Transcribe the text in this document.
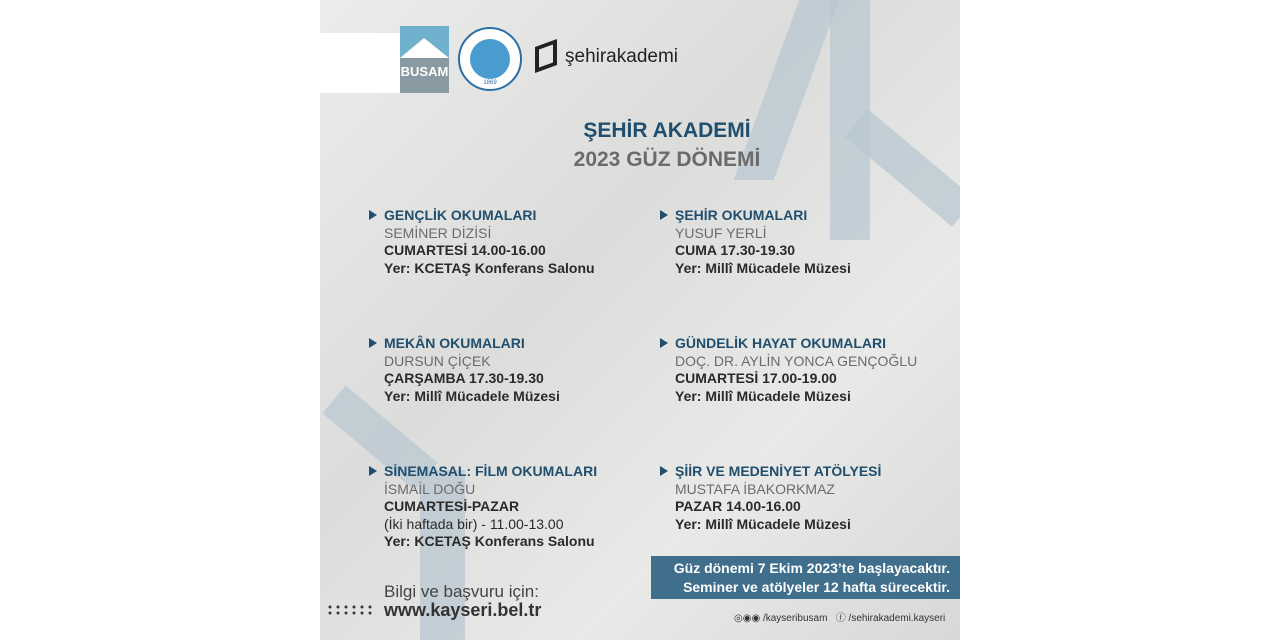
BUSAM
1869
şehirakademi
ŞEHİR AKADEMİ
2023 GÜZ DÖNEMİ
GENÇLİK OKUMALARI
SEMİNER DİZİSİ
CUMARTESİ 14.00-16.00
Yer: KCETAŞ Konferans Salonu
ŞEHİR OKUMALARI
YUSUF YERLİ
CUMA 17.30-19.30
Yer: Millî Mücadele Müzesi
MEKÂN OKUMALARI
DURSUN ÇİÇEK
ÇARŞAMBA 17.30-19.30
Yer: Millî Mücadele Müzesi
GÜNDELİK HAYAT OKUMALARI
DOÇ. DR. AYLİN YONCA GENÇOĞLU
CUMARTESİ 17.00-19.00
Yer: Millî Mücadele Müzesi
SİNEMASAL: FİLM OKUMALARI
İSMAİL DOĞU
CUMARTESİ-PAZAR
(İki haftada bir) - 11.00-13.00
Yer: KCETAŞ Konferans Salonu
ŞİİR VE MEDENİYET ATÖLYESİ
MUSTAFA İBAKORKMAZ
PAZAR 14.00-16.00
Yer: Millî Mücadele Müzesi
Güz dönemi 7 Ekim 2023’te başlayacaktır.
Seminer ve atölyeler 12 hafta sürecektir.
Bilgi ve başvuru için:
www.kayseri.bel.tr	◎◉◉ /kayseribusam ⓕ /sehirakademi.kayseri
